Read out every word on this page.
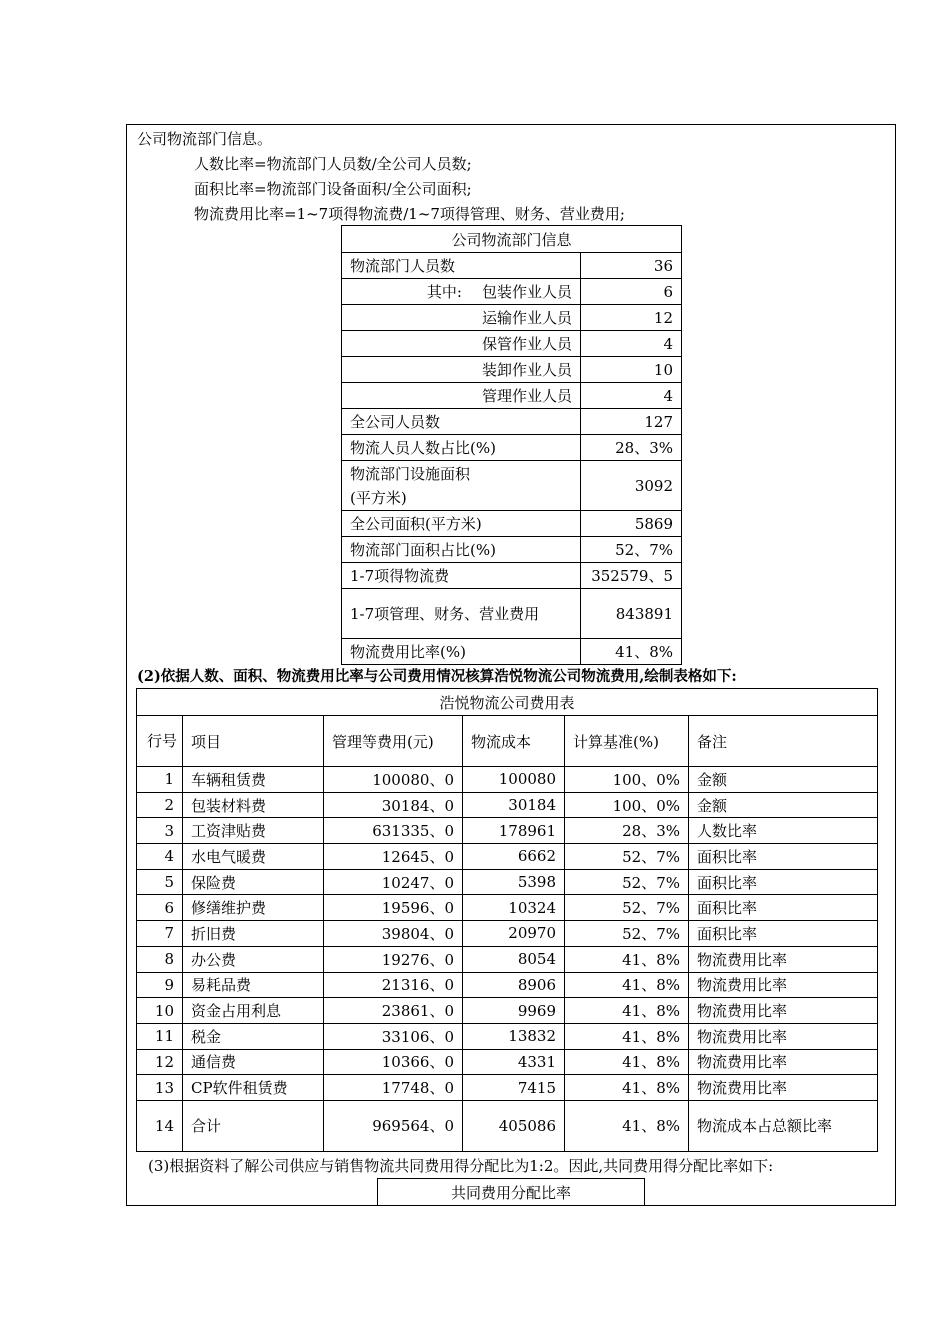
公司物流部门信息。
人数比率=物流部门人员数/全公司人员数;
面积比率=物流部门设备面积/全公司面积;
物流费用比率=1~7项得物流费/1~7项得管理、财务、营业费用;
公司物流部门信息	
物流部门人员数	36
其中: 包装作业人员	6
运输作业人员	12
保管作业人员	4
装卸作业人员	10
管理作业人员	4
全公司人员数	127
物流人员人数占比(%)	28、3%

物流部门设施面积
(平方米)	3092
全公司面积(平方米)	5869
物流部门面积占比(%)	52、7%
1-7项得物流费	352579、5
1-7项管理、财务、营业费用	843891
物流费用比率(%)	41、8%
(2)依据人数、面积、物流费用比率与公司费用情况核算浩悦物流公司物流费用,绘制表格如下:
浩悦物流公司费用表					
行号	项目	管理等费用(元)	物流成本	计算基准(%)	备注
1	车辆租赁费	100080、0	100080	100、0%	金额
2	包装材料费	30184、0	30184	100、0%	金额
3	工资津贴费	631335、0	178961	28、3%	人数比率
4	水电气暖费	12645、0	6662	52、7%	面积比率
5	保险费	10247、0	5398	52、7%	面积比率
6	修缮维护费	19596、0	10324	52、7%	面积比率
7	折旧费	39804、0	20970	52、7%	面积比率
8	办公费	19276、0	8054	41、8%	物流费用比率
9	易耗品费	21316、0	8906	41、8%	物流费用比率
10	资金占用利息	23861、0	9969	41、8%	物流费用比率
11	税金	33106、0	13832	41、8%	物流费用比率
12	通信费	10366、0	4331	41、8%	物流费用比率
13	CP软件租赁费	17748、0	7415	41、8%	物流费用比率
14	合计	969564、0	405086	41、8%	物流成本占总额比率
(3)根据资料了解公司供应与销售物流共同费用得分配比为1:2。因此,共同费用得分配比率如下:
共同费用分配比率
